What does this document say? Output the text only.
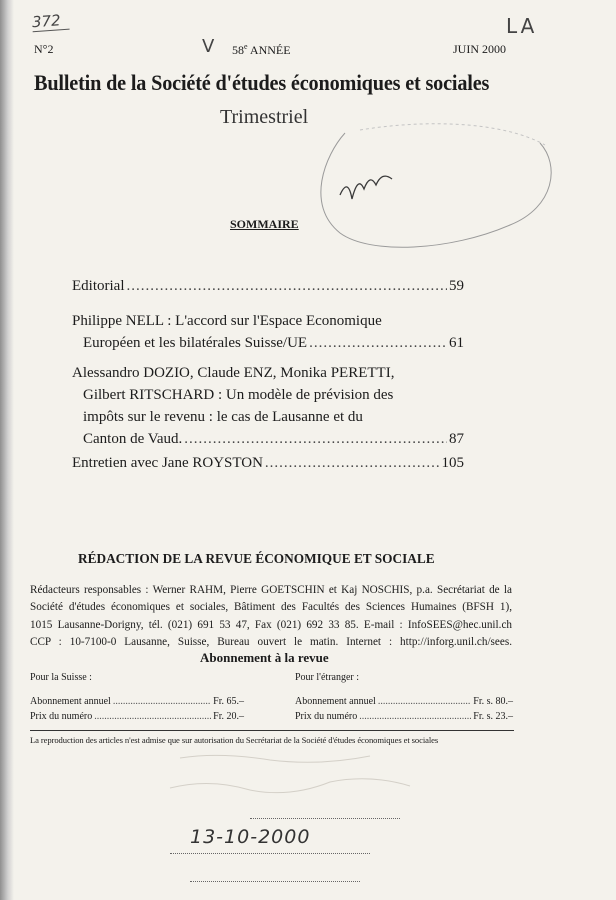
372	LA
N°2	V 58e ANNÉE	JUIN 2000
Bulletin de la Société d'études économiques et sociales
Trimestriel
SOMMAIRE
Editorial .....	59
Philippe NELL : L'accord sur l'Espace Economique
Européen et les bilatérales Suisse/UE .....	61
Alessandro DOZIO, Claude ENZ, Monika PERETTI,
Gilbert RITSCHARD : Un modèle de prévision des
impôts sur le revenu : le cas de Lausanne et du
Canton de Vaud. .....	87
Entretien avec Jane ROYSTON .....	105
RÉDACTION DE LA REVUE ÉCONOMIQUE ET SOCIALE
Rédacteurs responsables : Werner RAHM, Pierre GOETSCHIN et Kaj NOSCHIS, p.a. Secrétariat de la
Société d'études économiques et sociales, Bâtiment des Facultés des Sciences Humaines (BFSH 1),
1015 Lausanne-Dorigny, tél. (021) 691 53 47, Fax (021) 692 33 85. E-mail : InfoSEES@hec.unil.ch
CCP : 10-7100-0 Lausanne, Suisse, Bureau ouvert le matin. Internet : http://inforg.unil.ch/sees.
Abonnement à la revue
Pour la Suisse :	Pour l'étranger :
Abonnement annuel .....	Fr. 65.–
Prix du numéro .....	Fr. 20.–
Abonnement annuel .....	Fr. s. 80.–
Prix du numéro .....	Fr. s. 23.–
La reproduction des articles n'est admise que sur autorisation du Secrétariat de la Société d'études économiques et sociales
13-10-2000
